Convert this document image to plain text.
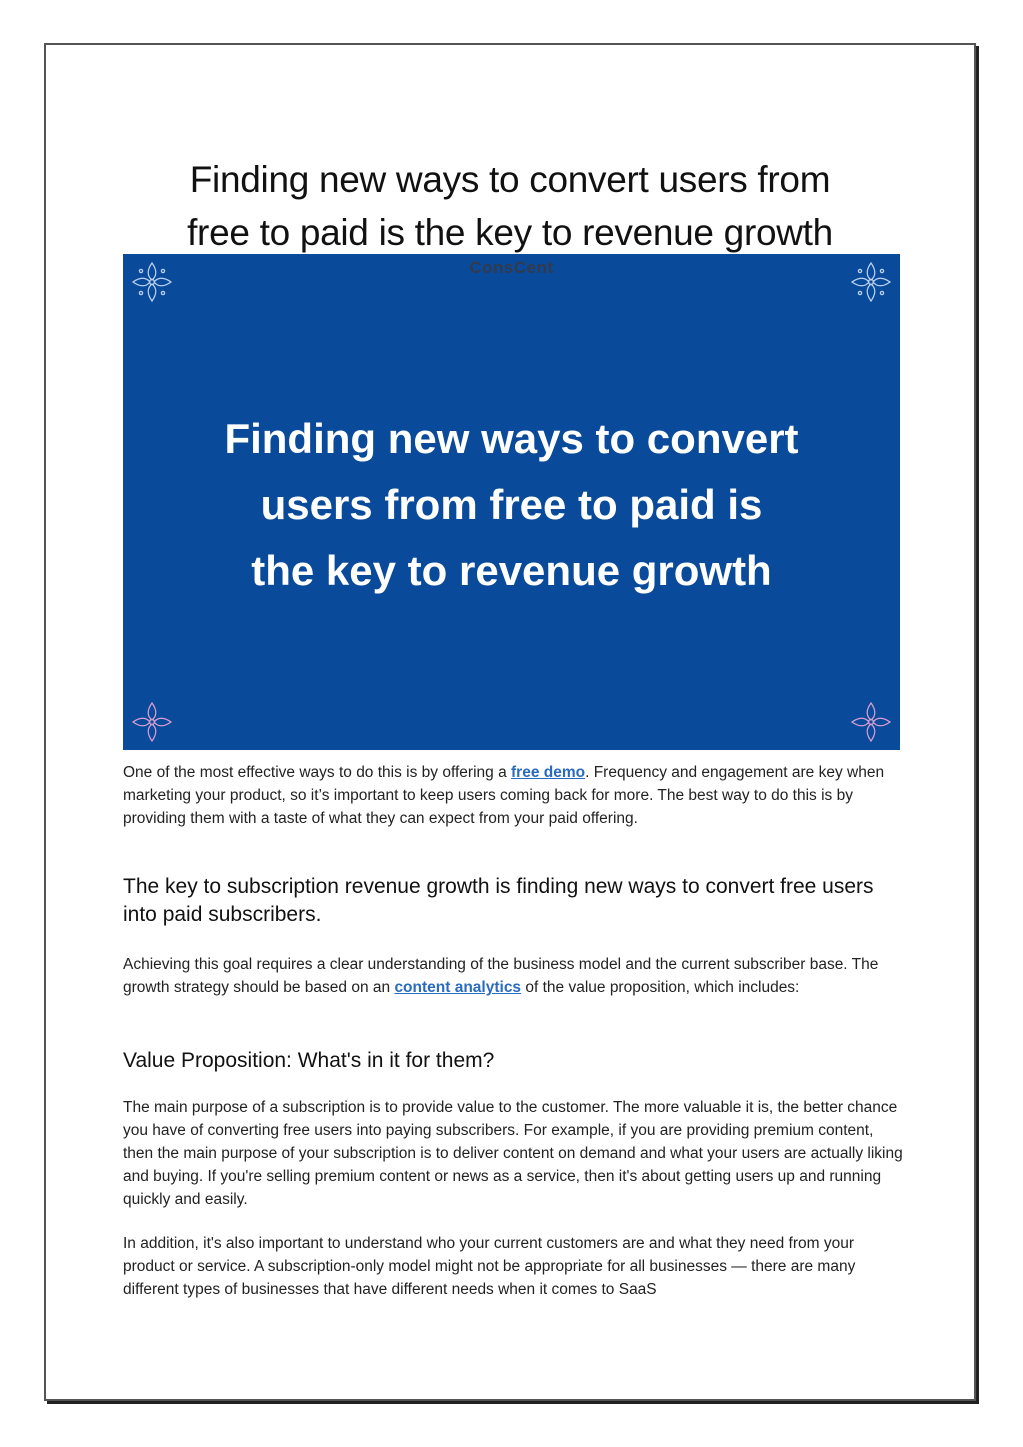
Finding new ways to convert users from
free to paid is the key to revenue growth
ConsCent
Finding new ways to convert
users from free to paid is
the key to revenue growth

One of the most effective ways to do this is by offering a free demo. Frequency and engagement are key when marketing your product, so it’s important to keep users coming back for more. The best way to do this is by providing them with a taste of what they can expect from your paid offering.

The key to subscription revenue growth is finding new ways to convert free users into paid subscribers.

Achieving this goal requires a clear understanding of the business model and the current subscriber base. The growth strategy should be based on an content analytics of the value proposition, which includes:

Value Proposition: What's in it for them?

The main purpose of a subscription is to provide value to the customer. The more valuable it is, the better chance you have of converting free users into paying subscribers. For example, if you are providing premium content, then the main purpose of your subscription is to deliver content on demand and what your users are actually liking and buying. If you're selling premium content or news as a service, then it's about getting users up and running quickly and easily.

In addition, it's also important to understand who your current customers are and what they need from your product or service. A subscription-only model might not be appropriate for all businesses — there are many different types of businesses that have different needs when it comes to SaaS
